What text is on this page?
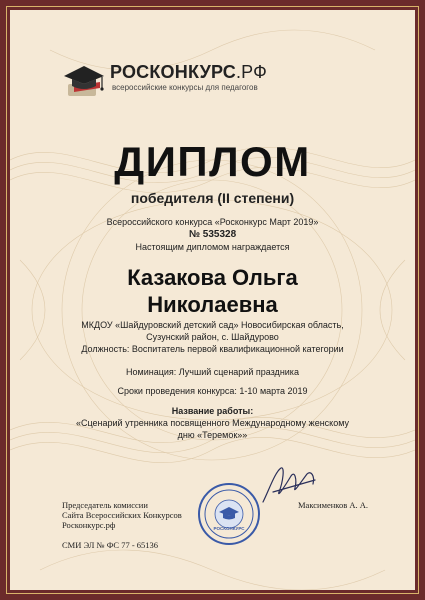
РОСКОНКУРС.РФ
всероссийские конкурсы для педагогов
ДИПЛОМ
победителя (II степени)
Всероссийского конкурса «Росконкурс Март 2019»
№ 535328
Настоящим дипломом награждается
Казакова Ольга
Николаевна
МКДОУ «Шайдуровский детский сад» Новосибирская область,
Сузунский район, с. Шайдурово
Должность: Воспитатель первой квалификационной категории
Номинация: Лучший сценарий праздника
Сроки проведения конкурса: 1-10 марта 2019
Название работы:
«Сценарий утренника посвященного Международному женскому
дню «Теремок»»
РОСКОНКУРС
Председатель комиссии
Сайта Всероссийских Конкурсов
Росконкурс.рф
Максименков А. А.
СМИ ЭЛ № ФС 77 - 65136
